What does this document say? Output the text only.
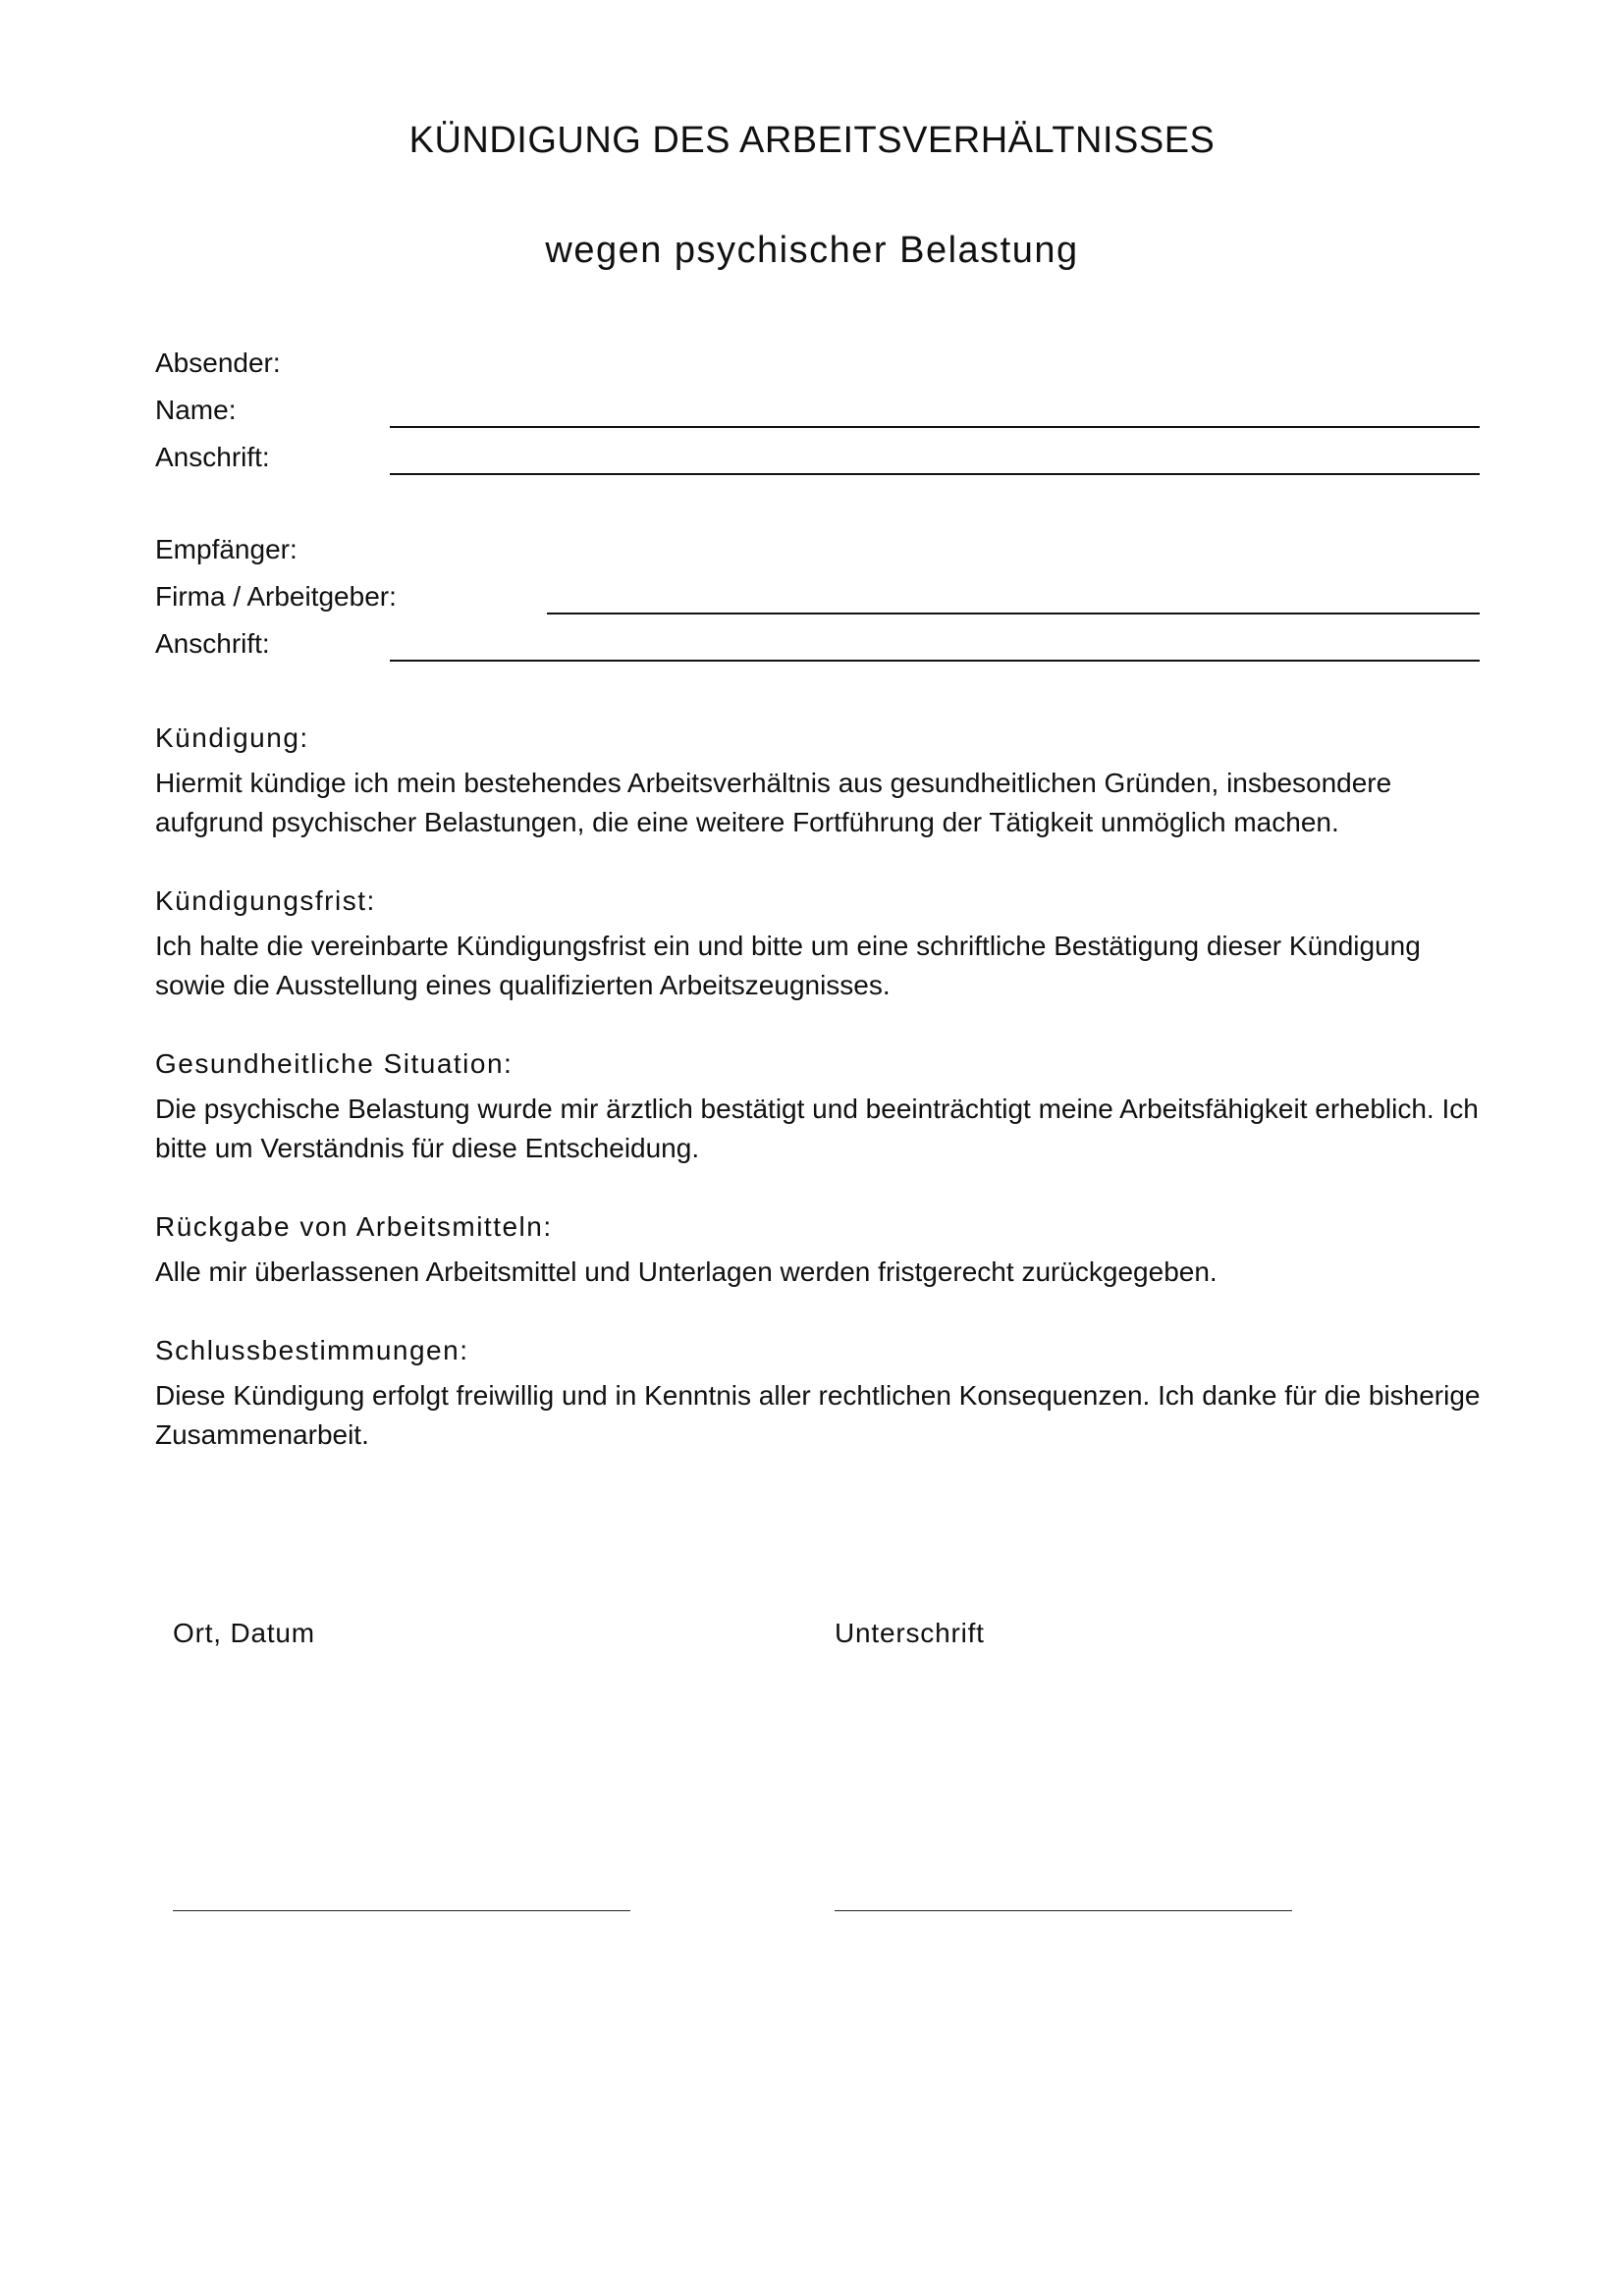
KÜNDIGUNG DES ARBEITSVERHÄLTNISSES
wegen psychischer Belastung

Absender:

Name:

Anschrift:

Empfänger:

Firma / Arbeitgeber:

Anschrift:

Kündigung:

Hiermit kündige ich mein bestehendes Arbeitsverhältnis aus gesundheitlichen Gründen, insbesondere aufgrund psychischer Belastungen, die eine weitere Fortführung der Tätigkeit unmöglich machen.

Kündigungsfrist:

Ich halte die vereinbarte Kündigungsfrist ein und bitte um eine schriftliche Bestätigung dieser Kündigung sowie die Ausstellung eines qualifizierten Arbeitszeugnisses.

Gesundheitliche Situation:

Die psychische Belastung wurde mir ärztlich bestätigt und beeinträchtigt meine Arbeitsfähigkeit erheblich. Ich bitte um Verständnis für diese Entscheidung.

Rückgabe von Arbeitsmitteln:

Alle mir überlassenen Arbeitsmittel und Unterlagen werden fristgerecht zurückgegeben.

Schlussbestimmungen:

Diese Kündigung erfolgt freiwillig und in Kenntnis aller rechtlichen Konsequenzen. Ich danke für die bisherige Zusammenarbeit.

Ort, Datum	Unterschrift
